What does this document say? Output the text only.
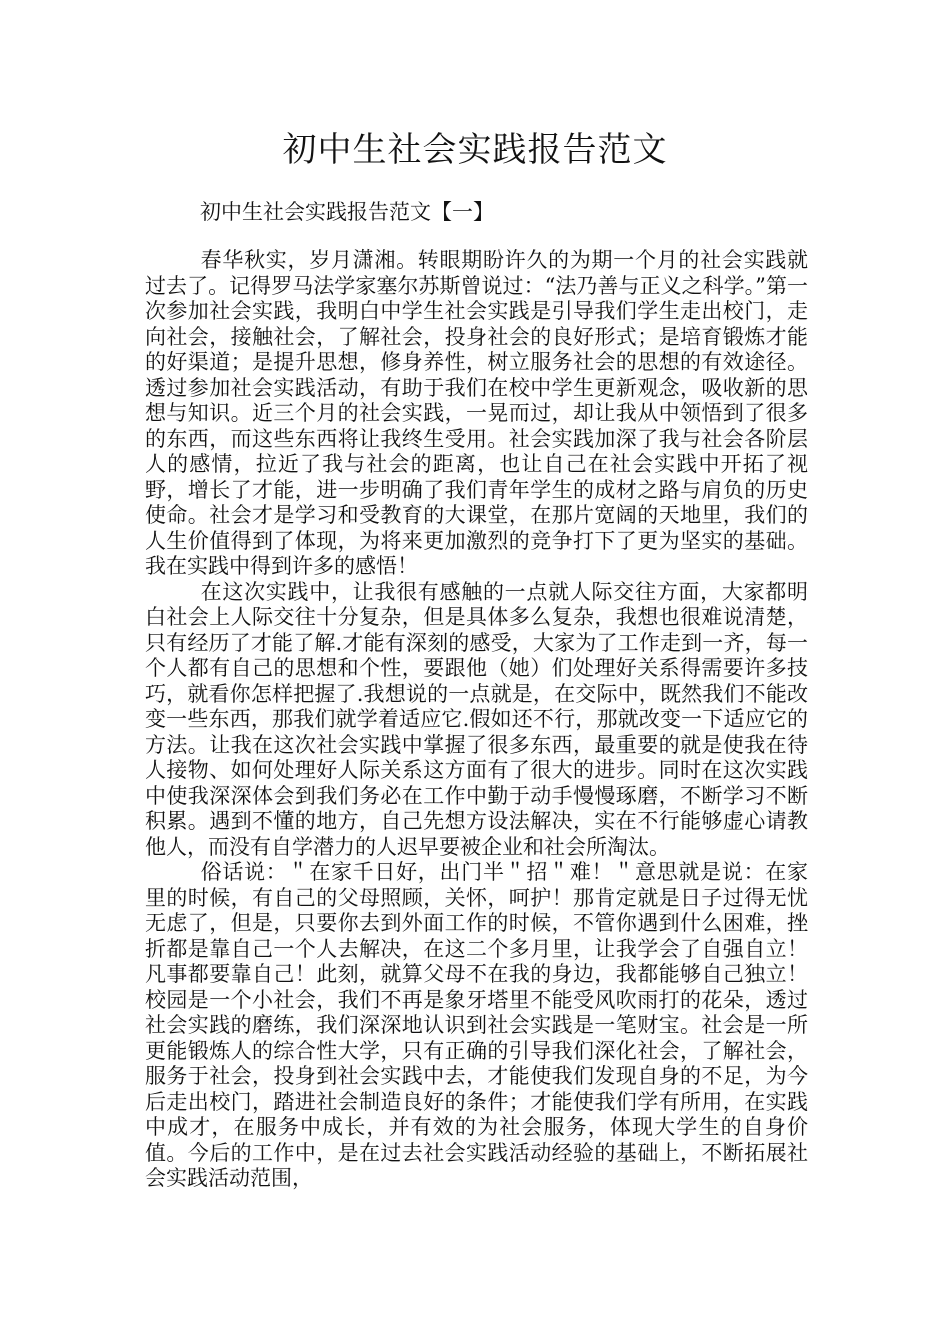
初中生社会实践报告范文

初中生社会实践报告范文【一】

春华秋实，岁月潇湘。转眼期盼许久的为期一个月的社会实践就过去了。记得罗马法学家塞尔苏斯曾说过：“法乃善与正义之科学。”第一次参加社会实践，我明白中学生社会实践是引导我们学生走出校门，走向社会，接触社会，了解社会，投身社会的良好形式；是培育锻炼才能的好渠道；是提升思想，修身养性，树立服务社会的思想的有效途径。透过参加社会实践活动，有助于我们在校中学生更新观念，吸收新的思想与知识。近三个月的社会实践，一晃而过，却让我从中领悟到了很多的东西，而这些东西将让我终生受用。社会实践加深了我与社会各阶层人的感情，拉近了我与社会的距离，也让自己在社会实践中开拓了视野，增长了才能，进一步明确了我们青年学生的成材之路与肩负的历史使命。社会才是学习和受教育的大课堂，在那片宽阔的天地里，我们的人生价值得到了体现，为将来更加激烈的竞争打下了更为坚实的基础。我在实践中得到许多的感悟！

在这次实践中，让我很有感触的一点就人际交往方面，大家都明白社会上人际交往十分复杂，但是具体多么复杂，我想也很难说清楚，只有经历了才能了解.才能有深刻的感受，大家为了工作走到一齐，每一个人都有自己的思想和个性，要跟他（她）们处理好关系得需要许多技巧，就看你怎样把握了.我想说的一点就是，在交际中，既然我们不能改变一些东西，那我们就学着适应它.假如还不行，那就改变一下适应它的方法。让我在这次社会实践中掌握了很多东西，最重要的就是使我在待人接物、如何处理好人际关系这方面有了很大的进步。同时在这次实践中使我深深体会到我们务必在工作中勤于动手慢慢琢磨，不断学习不断积累。遇到不懂的地方，自己先想方设法解决，实在不行能够虚心请教他人，而没有自学潜力的人迟早要被企业和社会所淘汰。

俗话说：＂在家千日好，出门半＂招＂难！＂意思就是说：在家里的时候，有自己的父母照顾，关怀，呵护！那肯定就是日子过得无忧无虑了，但是，只要你去到外面工作的时候，不管你遇到什么困难，挫折都是靠自己一个人去解决，在这二个多月里，让我学会了自强自立！凡事都要靠自己！此刻，就算父母不在我的身边，我都能够自己独立！校园是一个小社会，我们不再是象牙塔里不能受风吹雨打的花朵，透过社会实践的磨练，我们深深地认识到社会实践是一笔财宝。社会是一所更能锻炼人的综合性大学，只有正确的引导我们深化社会，了解社会，服务于社会，投身到社会实践中去，才能使我们发现自身的不足，为今后走出校门，踏进社会制造良好的条件；才能使我们学有所用，在实践中成才，在服务中成长，并有效的为社会服务，体现大学生的自身价值。今后的工作中，是在过去社会实践活动经验的基础上，不断拓展社会实践活动范围，
